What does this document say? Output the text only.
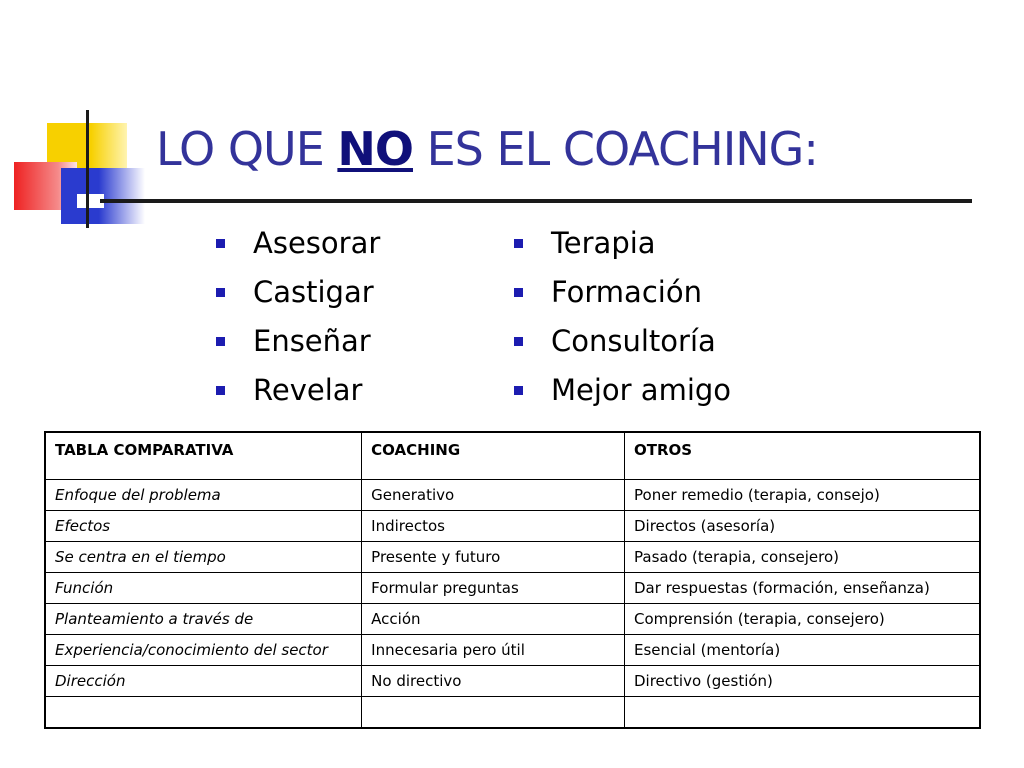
LO QUE NO ES EL COACHING:
Asesorar
Castigar
Enseñar
Revelar
Terapia
Formación
Consultoría
Mejor amigo
TABLA COMPARATIVA	COACHING	OTROS
Enfoque del problema	Generativo	Poner remedio (terapia, consejo)
Efectos	Indirectos	Directos (asesoría)
Se centra en el tiempo	Presente y futuro	Pasado (terapia, consejero)
Función	Formular preguntas	Dar respuestas (formación, enseñanza)
Planteamiento a través de	Acción	Comprensión (terapia, consejero)
Experiencia/conocimiento del sector	Innecesaria pero útil	Esencial (mentoría)
Dirección	No directivo	Directivo (gestión)
